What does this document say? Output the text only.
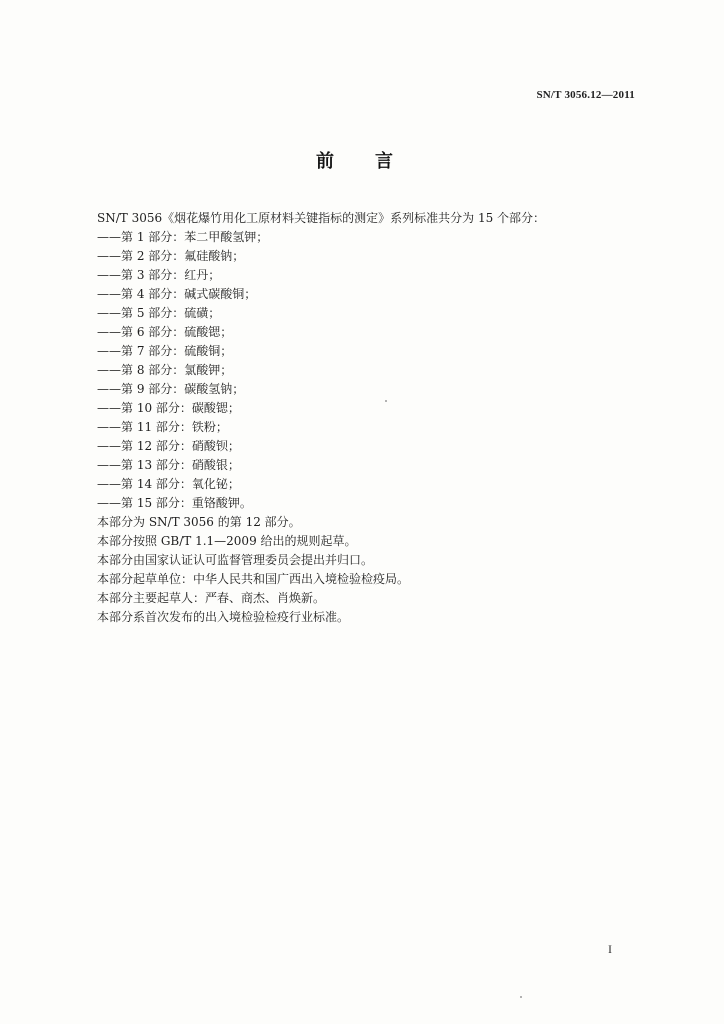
SN/T 3056.12—2011
前 言
SN/T 3056《烟花爆竹用化工原材料关键指标的测定》系列标准共分为 15 个部分：
——第 1 部分：苯二甲酸氢钾；
——第 2 部分：氟硅酸钠；
——第 3 部分：红丹；
——第 4 部分：碱式碳酸铜；
——第 5 部分：硫磺；
——第 6 部分：硫酸锶；
——第 7 部分：硫酸铜；
——第 8 部分：氯酸钾；
——第 9 部分：碳酸氢钠；
——第 10 部分：碳酸锶；
——第 11 部分：铁粉；
——第 12 部分：硝酸钡；
——第 13 部分：硝酸银；
——第 14 部分：氧化铋；
——第 15 部分：重铬酸钾。
本部分为 SN/T 3056 的第 12 部分。
本部分按照 GB/T 1.1—2009 给出的规则起草。
本部分由国家认证认可监督管理委员会提出并归口。
本部分起草单位：中华人民共和国广西出入境检验检疫局。
本部分主要起草人：严春、商杰、肖焕新。
本部分系首次发布的出入境检验检疫行业标准。
I
